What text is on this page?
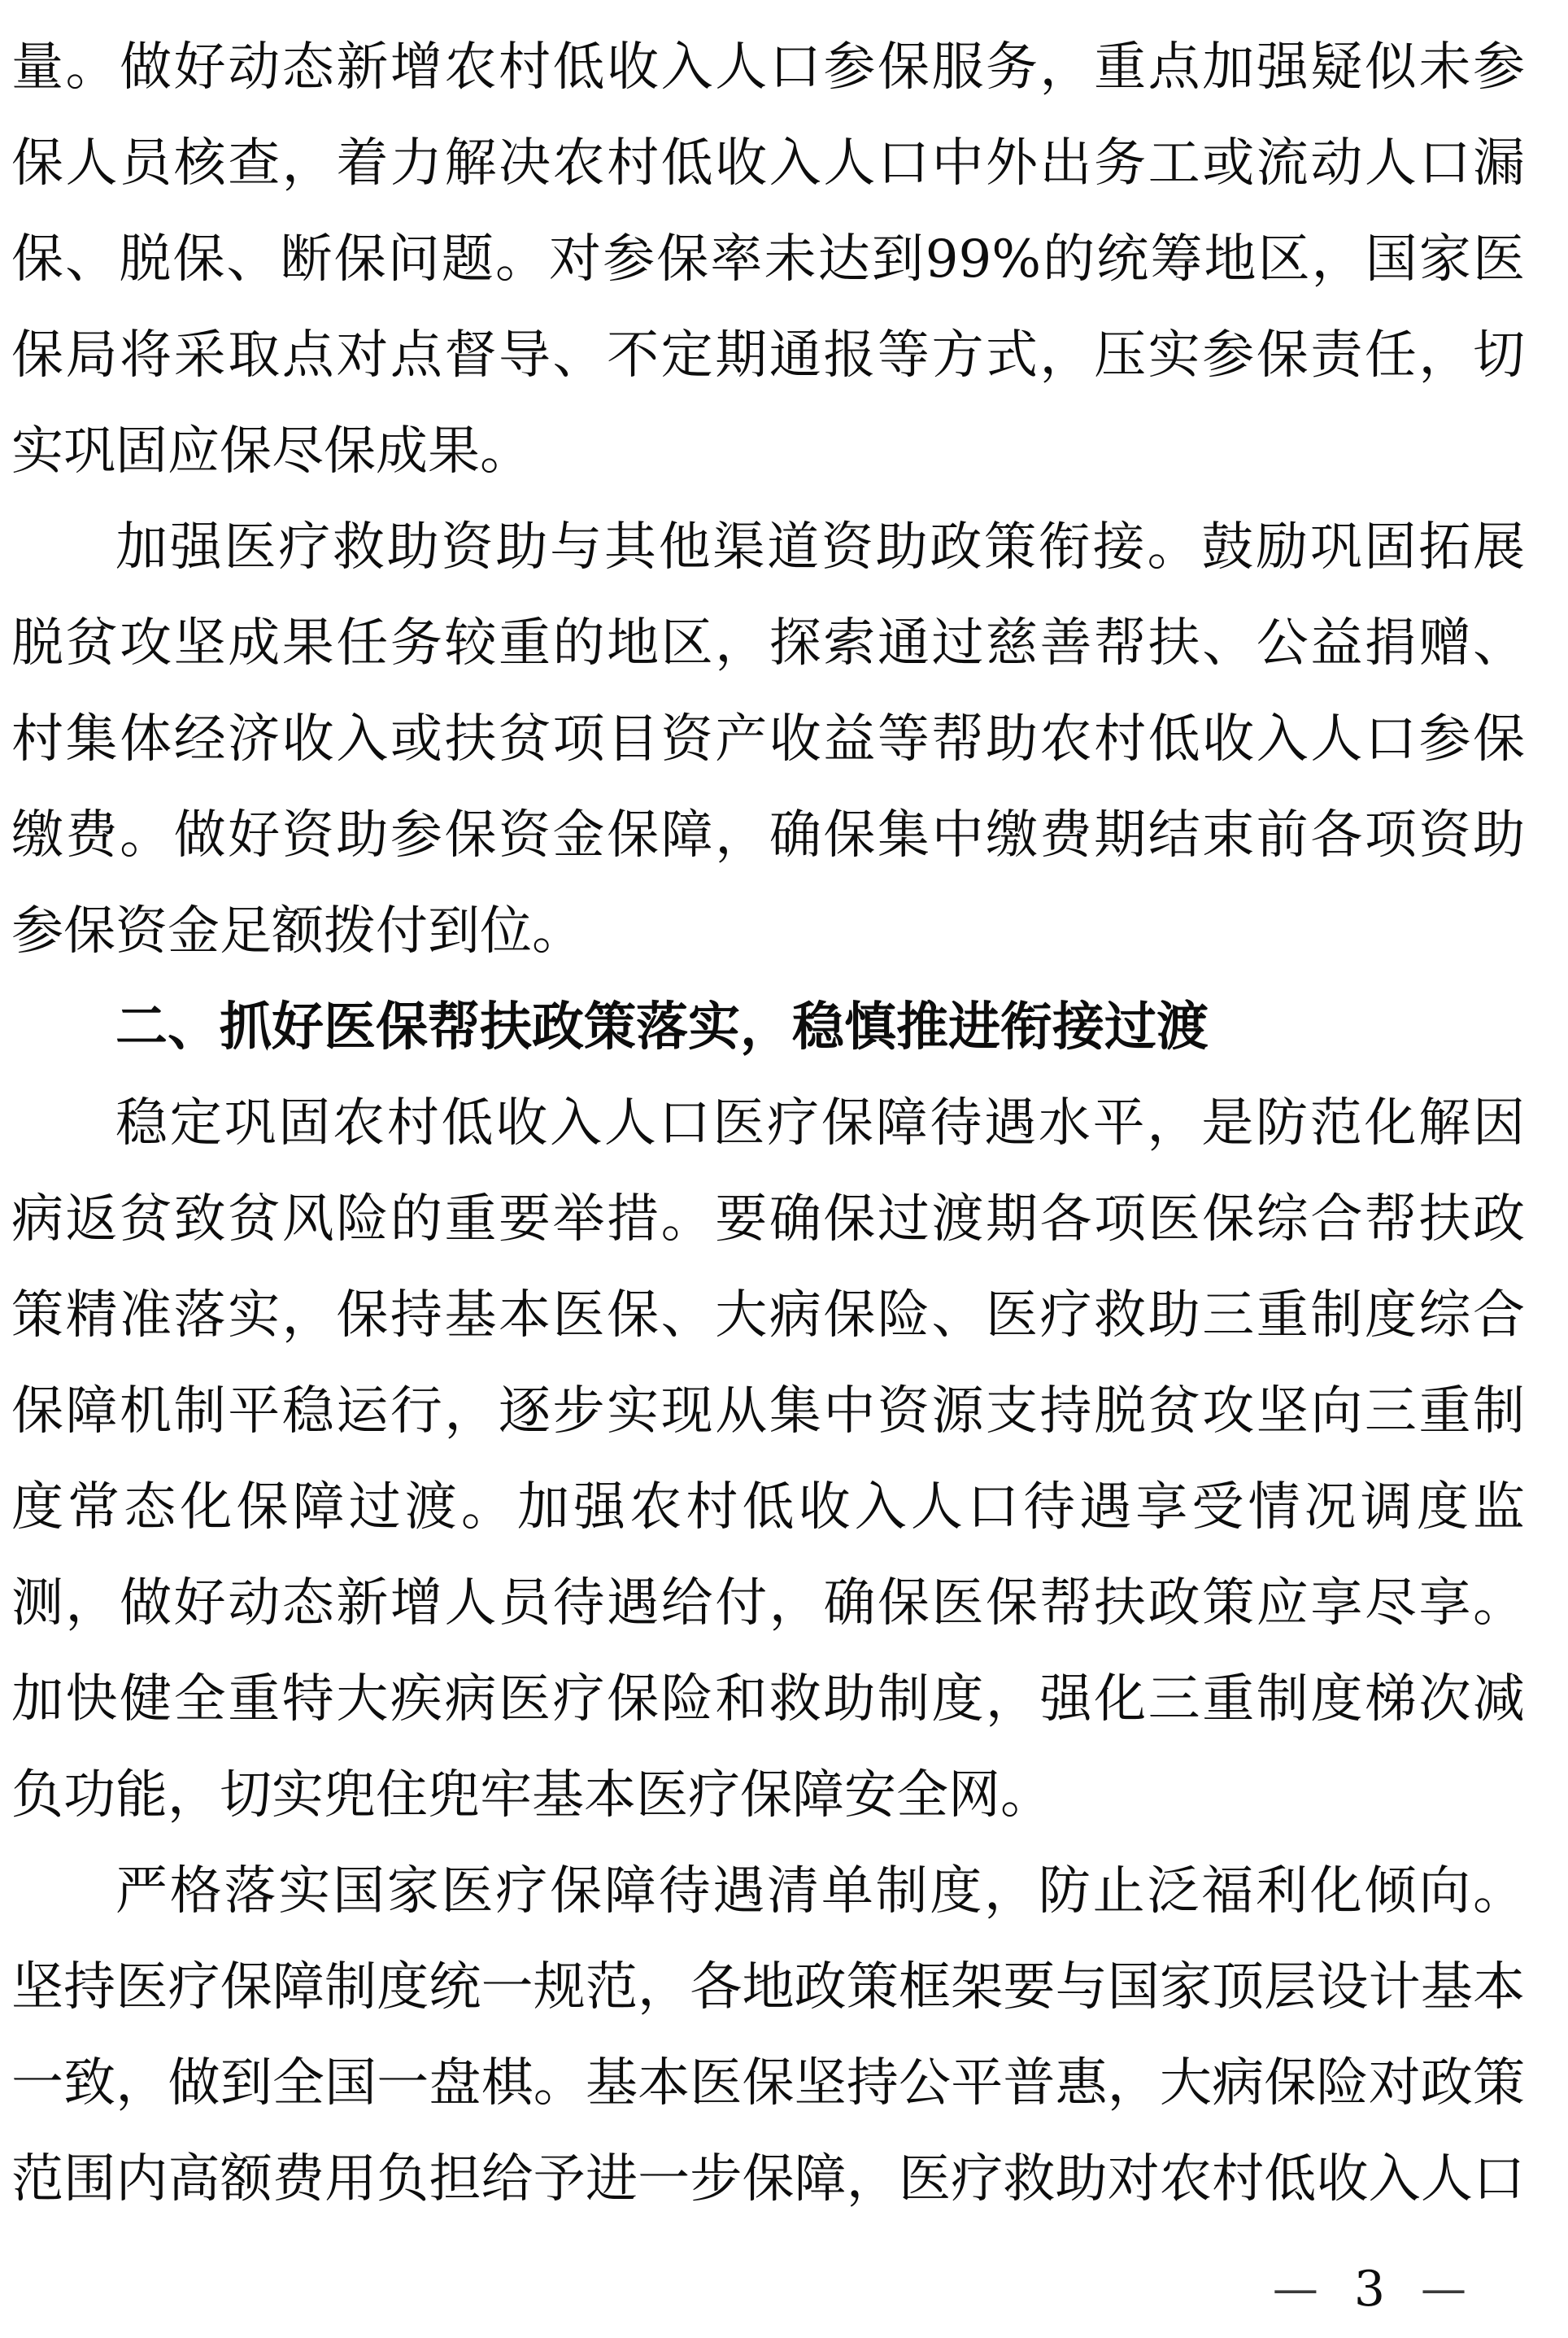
量。做好动态新增农村低收入人口参保服务，重点加强疑似未参
保人员核查，着力解决农村低收入人口中外出务工或流动人口漏
保、脱保、断保问题。对参保率未达到99%的统筹地区，国家医
保局将采取点对点督导、不定期通报等方式，压实参保责任，切
实巩固应保尽保成果。
加强医疗救助资助与其他渠道资助政策衔接。鼓励巩固拓展
脱贫攻坚成果任务较重的地区，探索通过慈善帮扶、公益捐赠、
村集体经济收入或扶贫项目资产收益等帮助农村低收入人口参保
缴费。做好资助参保资金保障，确保集中缴费期结束前各项资助
参保资金足额拨付到位。
二、抓好医保帮扶政策落实，稳慎推进衔接过渡
稳定巩固农村低收入人口医疗保障待遇水平，是防范化解因
病返贫致贫风险的重要举措。要确保过渡期各项医保综合帮扶政
策精准落实，保持基本医保、大病保险、医疗救助三重制度综合
保障机制平稳运行，逐步实现从集中资源支持脱贫攻坚向三重制
度常态化保障过渡。加强农村低收入人口待遇享受情况调度监
测，做好动态新增人员待遇给付，确保医保帮扶政策应享尽享。
加快健全重特大疾病医疗保险和救助制度，强化三重制度梯次减
负功能，切实兜住兜牢基本医疗保障安全网。
严格落实国家医疗保障待遇清单制度，防止泛福利化倾向。
坚持医疗保障制度统一规范，各地政策框架要与国家顶层设计基本
一致，做到全国一盘棋。基本医保坚持公平普惠，大病保险对政策
范围内高额费用负担给予进一步保障，医疗救助对农村低收入人口
— 3 —
